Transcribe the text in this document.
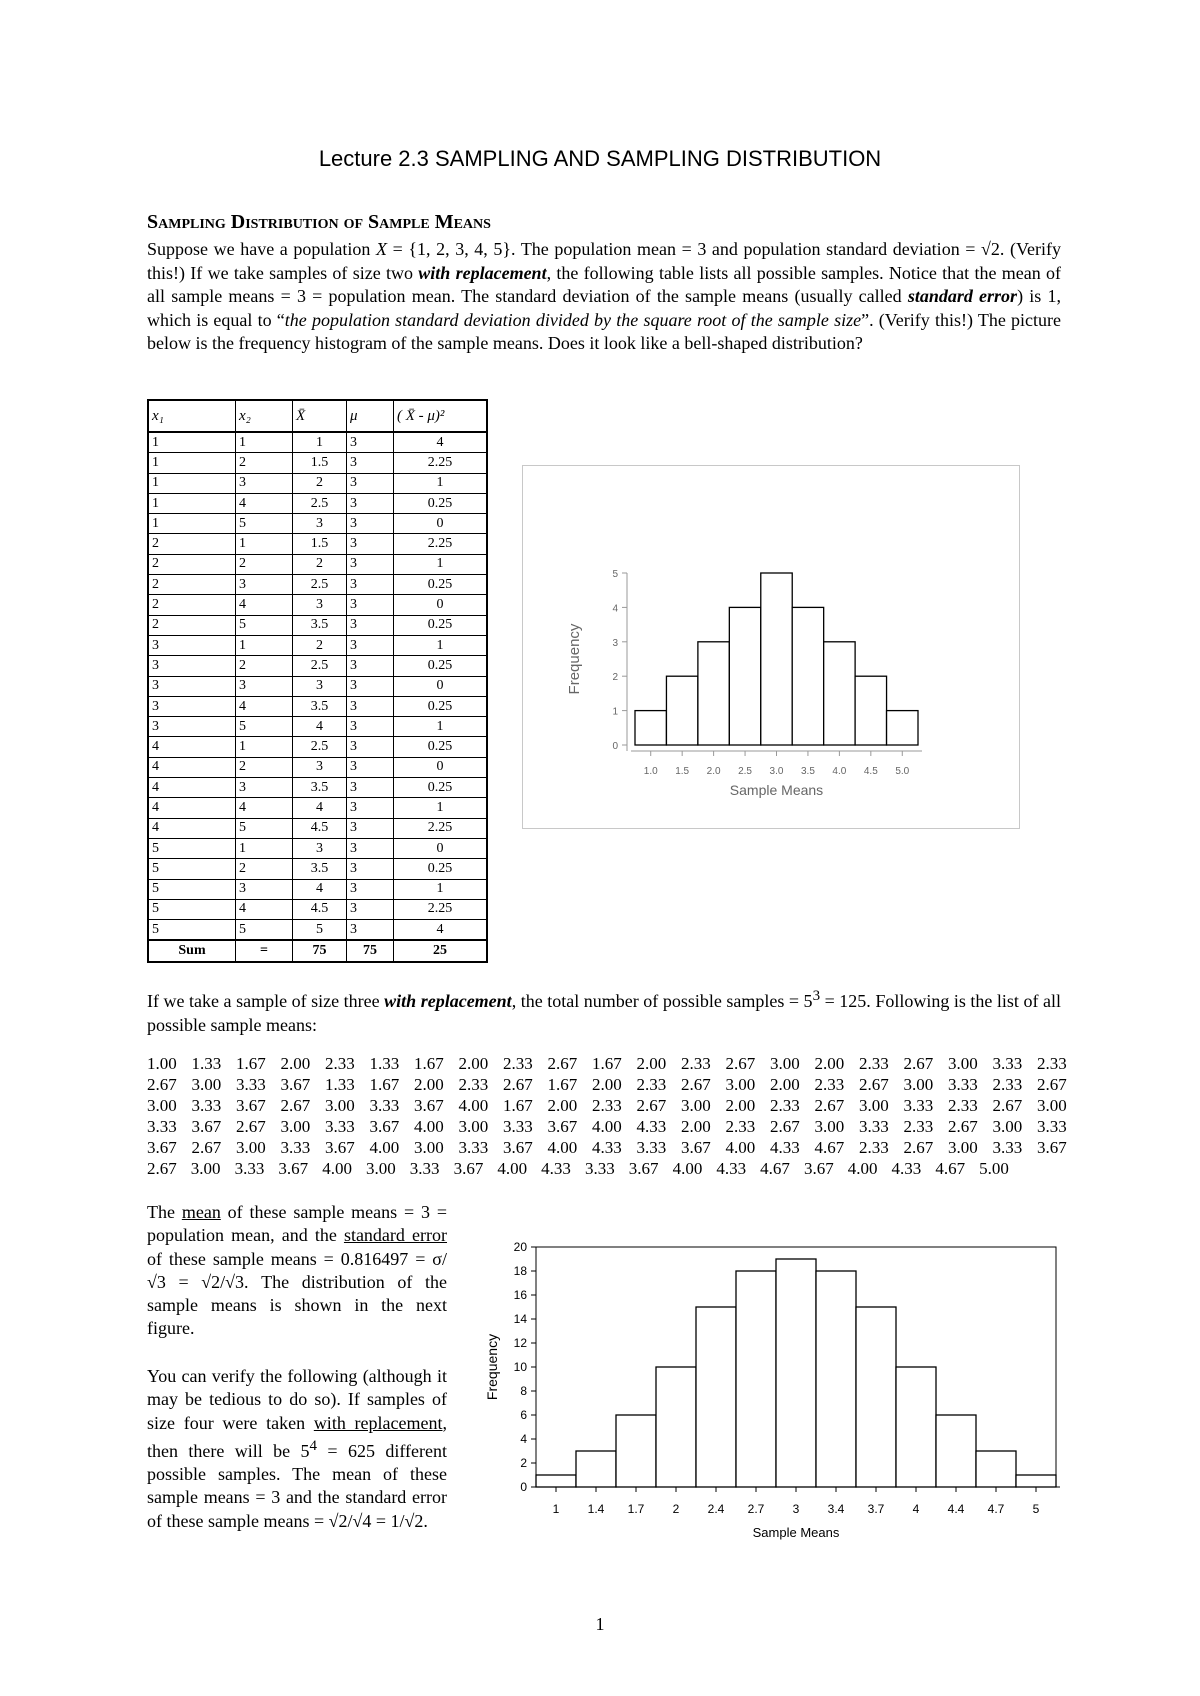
Lecture 2.3 SAMPLING AND SAMPLING DISTRIBUTION
Sampling Distribution of Sample Means
Suppose we have a population X = {1, 2, 3, 4, 5}. The population mean = 3 and population standard deviation = √2. (Verify this!) If we take samples of size two with replacement, the following table lists all possible samples. Notice that the mean of all sample means = 3 = population mean. The standard deviation of the sample means (usually called standard error) is 1, which is equal to “the population standard deviation divided by the square root of the sample size”. (Verify this!) The picture below is the frequency histogram of the sample means. Does it look like a bell-shaped distribution?
x₁	x₂	X̄	μ	( X̄ - μ)²
1	1	1	3	4
1	2	1.5	3	2.25
1	3	2	3	1
1	4	2.5	3	0.25
1	5	3	3	0
2	1	1.5	3	2.25
2	2	2	3	1
2	3	2.5	3	0.25
2	4	3	3	0
2	5	3.5	3	0.25
3	1	2	3	1
3	2	2.5	3	0.25
3	3	3	3	0
3	4	3.5	3	0.25
3	5	4	3	1
4	1	2.5	3	0.25
4	2	3	3	0
4	3	3.5	3	0.25
4	4	4	3	1
4	5	4.5	3	2.25
5	1	3	3	0
5	2	3.5	3	0.25
5	3	4	3	1
5	4	4.5	3	2.25
5	5	5	3	4
Sum	=	75	75	25
0
1
2
3
4
5
1.0 1.5 2.0 2.5 3.0 3.5 4.0 4.5 5.0
Sample Means
Frequency
If we take a sample of size three with replacement, the total number of possible samples = $5^3 = 125$. Following is the list of all possible sample means:
1.00 1.33 1.67 2.00 2.33 1.33 1.67 2.00 2.33 2.67 1.67 2.00 2.33 2.67 3.00 2.00 2.33 2.67 3.00 3.33 2.33
2.67 3.00 3.33 3.67 1.33 1.67 2.00 2.33 2.67 1.67 2.00 2.33 2.67 3.00 2.00 2.33 2.67 3.00 3.33 2.33 2.67
3.00 3.33 3.67 2.67 3.00 3.33 3.67 4.00 1.67 2.00 2.33 2.67 3.00 2.00 2.33 2.67 3.00 3.33 2.33 2.67 3.00
3.33 3.67 2.67 3.00 3.33 3.67 4.00 3.00 3.33 3.67 4.00 4.33 2.00 2.33 2.67 3.00 3.33 2.33 2.67 3.00 3.33
3.67 2.67 3.00 3.33 3.67 4.00 3.00 3.33 3.67 4.00 4.33 3.33 3.67 4.00 4.33 4.67 2.33 2.67 3.00 3.33 3.67
2.67 3.00 3.33 3.67 4.00 3.00 3.33 3.67 4.00 4.33 3.33 3.67 4.00 4.33 4.67 3.67 4.00 4.33 4.67 5.00
The mean of these sample means = 3 = population mean, and the standard error of these sample means = 0.816497 = σ/√3 = √2/√3. The distribution of the sample means is shown in the next figure.
You can verify the following (although it may be tedious to do so). If samples of size four were taken with replacement, then there will be $5^4 = 625$ different possible samples. The mean of these sample means = 3 and the standard error of these sample means = √2/√4 = 1/√2.
0
2
4
6
8
10
12
14
16
18
20
1 1.4 1.7 2 2.4 2.7 3 3.4 3.7 4 4.4 4.7 5
Sample Means
Frequency
1
